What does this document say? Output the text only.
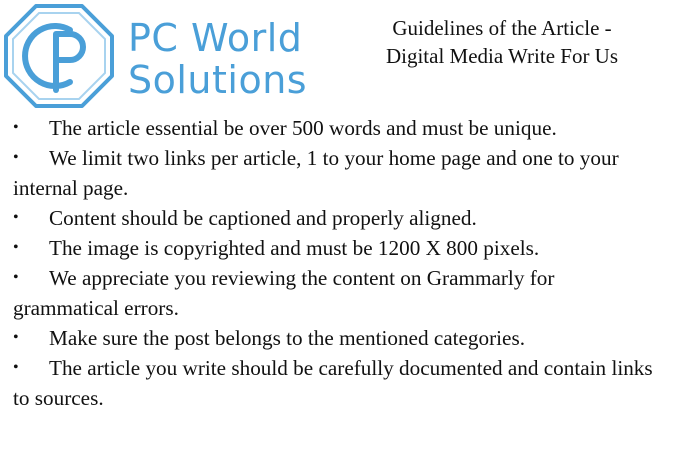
PC World
Solutions
Guidelines of the Article -
Digital Media Write For Us
• The article essential be over 500 words and must be unique.
• We limit two links per article, 1 to your home page and one to your internal page.
• Content should be captioned and properly aligned.
• The image is copyrighted and must be 1200 X 800 pixels.
• We appreciate you reviewing the content on Grammarly for grammatical errors.
• Make sure the post belongs to the mentioned categories.
• The article you write should be carefully documented and contain links to sources.
